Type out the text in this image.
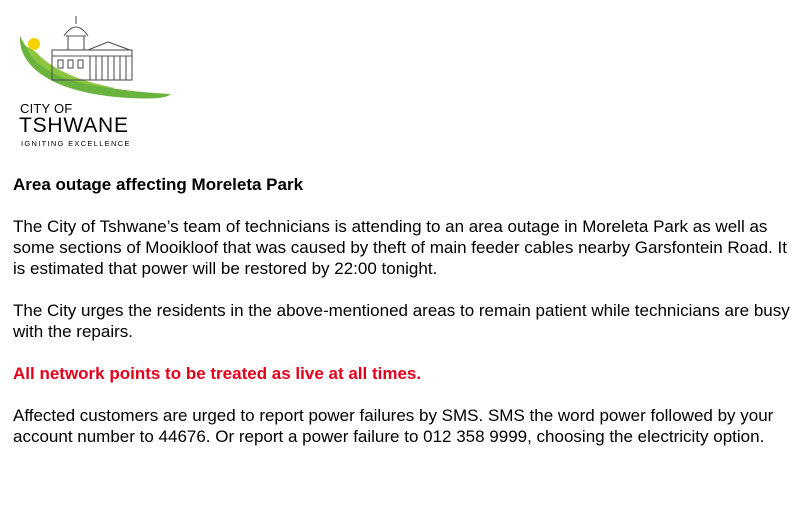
CITY OF
TSHWANE
IGNITING EXCELLENCE

Area outage affecting Moreleta Park

The City of Tshwane’s team of technicians is attending to an area outage in Moreleta Park as well as some sections of Mooikloof that was caused by theft of main feeder cables nearby Garsfontein Road. It is estimated that power will be restored by 22:00 tonight.

The City urges the residents in the above-mentioned areas to remain patient while technicians are busy with the repairs.

All network points to be treated as live at all times.

Affected customers are urged to report power failures by SMS. SMS the word power followed by your account number to 44676. Or report a power failure to 012 358 9999, choosing the electricity option.
